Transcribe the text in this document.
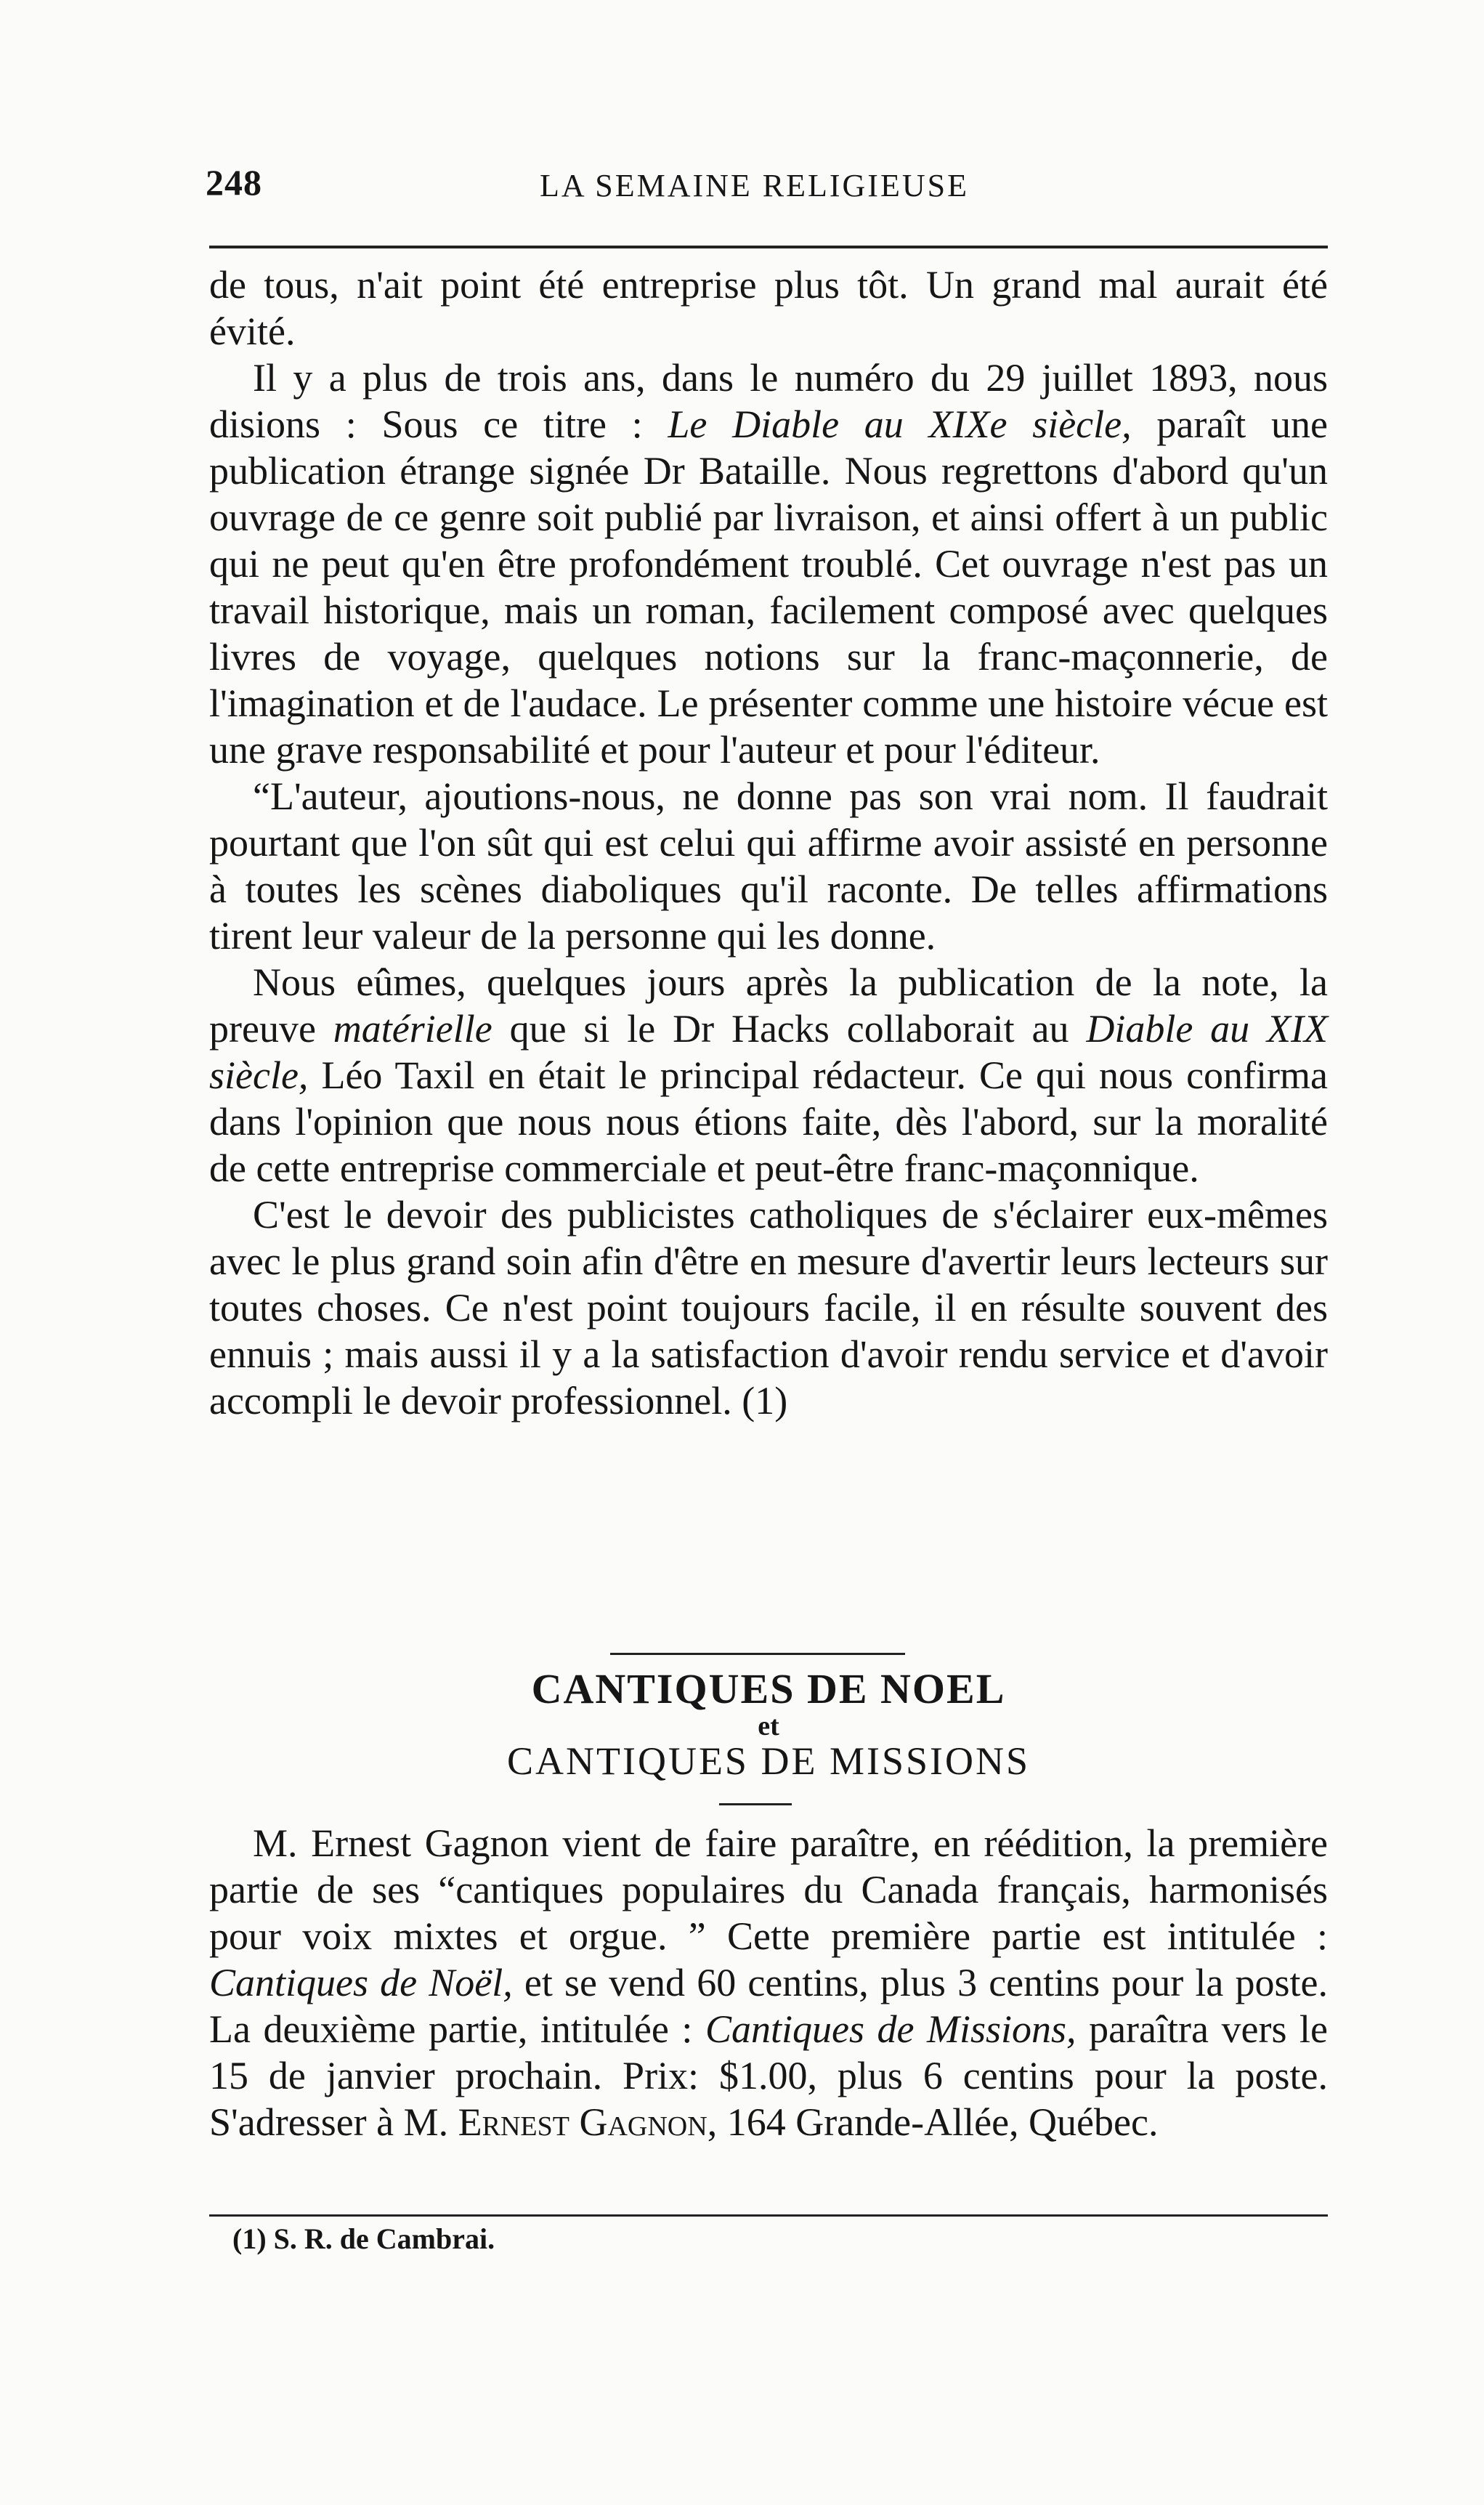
248	LA SEMAINE RELIGIEUSE

de tous, n'ait point été entreprise plus tôt. Un grand mal aurait été évité.

Il y a plus de trois ans, dans le numéro du 29 juillet 1893, nous disions : Sous ce titre : Le Diable au XIXe siècle, paraît une publication étrange signée Dr Bataille. Nous regrettons d'abord qu'un ouvrage de ce genre soit publié par livraison, et ainsi offert à un public qui ne peut qu'en être profondément troublé. Cet ouvrage n'est pas un travail historique, mais un roman, facilement composé avec quelques livres de voyage, quelques notions sur la franc-maçonnerie, de l'imagination et de l'audace. Le présenter comme une histoire vécue est une grave responsabilité et pour l'auteur et pour l'éditeur.

“L'auteur, ajoutions-nous, ne donne pas son vrai nom. Il faudrait pourtant que l'on sût qui est celui qui affirme avoir assisté en personne à toutes les scènes diaboliques qu'il raconte. De telles affirmations tirent leur valeur de la personne qui les donne.

Nous eûmes, quelques jours après la publication de la note, la preuve matérielle que si le Dr Hacks collaborait au Diable au XIX siècle, Léo Taxil en était le principal rédacteur. Ce qui nous confirma dans l'opinion que nous nous étions faite, dès l'abord, sur la moralité de cette entreprise commerciale et peut-être franc-maçonnique.

C'est le devoir des publicistes catholiques de s'éclairer eux-mêmes avec le plus grand soin afin d'être en mesure d'avertir leurs lecteurs sur toutes choses. Ce n'est point toujours facile, il en résulte souvent des ennuis ; mais aussi il y a la satisfaction d'avoir rendu service et d'avoir accompli le devoir professionnel. (1)

CANTIQUES DE NOEL
et
CANTIQUES DE MISSIONS

M. Ernest Gagnon vient de faire paraître, en réédition, la première partie de ses “cantiques populaires du Canada français, harmonisés pour voix mixtes et orgue. ” Cette première partie est intitulée : Cantiques de Noël, et se vend 60 centins, plus 3 centins pour la poste. La deuxième partie, intitulée : Cantiques de Missions, paraîtra vers le 15 de janvier prochain. Prix: $1.00, plus 6 centins pour la poste. S'adresser à M. Ernest Gagnon, 164 Grande-Allée, Québec.

(1) S. R. de Cambrai.
